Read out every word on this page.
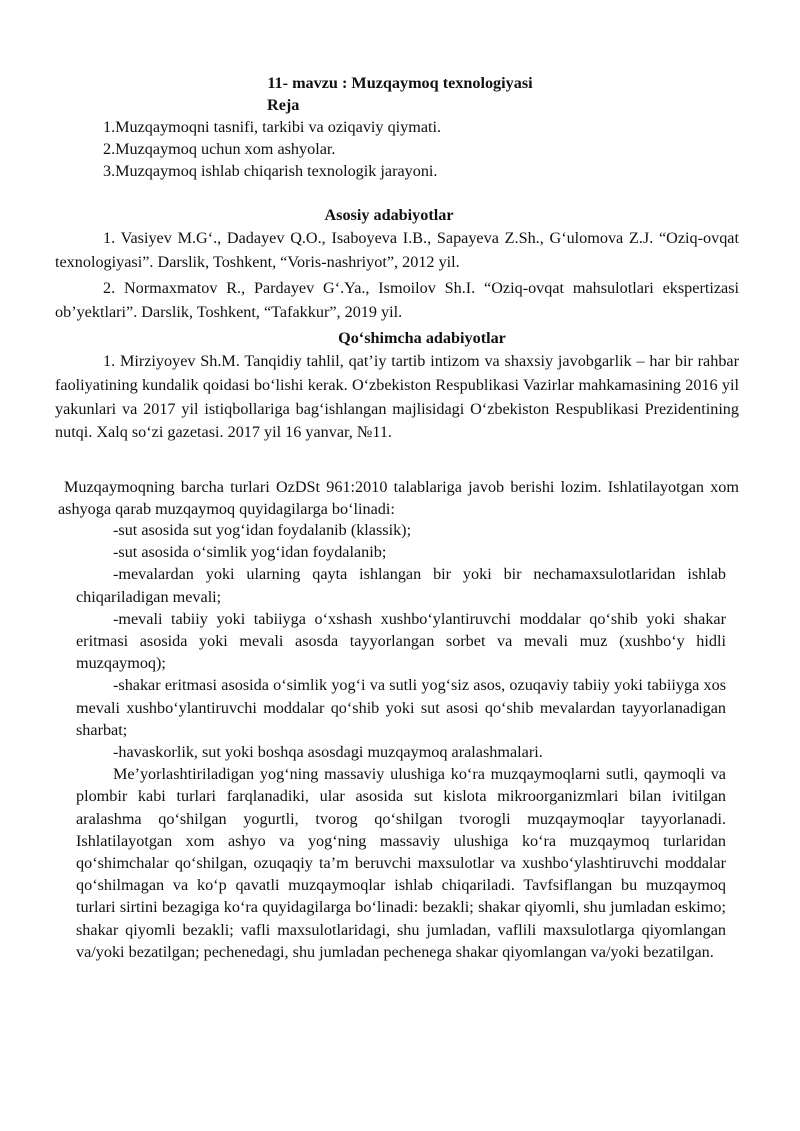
11- mavzu : Muzqaymoq texnologiyasi
Reja

1.Muzqaymoqni tasnifi, tarkibi va oziqaviy qiymati.

2.Muzqaymoq uchun xom ashyolar.

3.Muzqaymoq ishlab chiqarish texnologik jarayoni.

Asosiy adabiyotlar
1. Vasiyev M.G‘., Dadayev Q.O., Isaboyeva I.B., Sapayeva Z.Sh., G‘ulomova Z.J. “Oziq-ovqat texnologiyasi”. Darslik, Toshkent, “Voris-nashriyot”, 2012 yil.
2. Normaxmatov R., Pardayev G‘.Ya., Ismoilov Sh.I. “Oziq-ovqat mahsulotlari ekspertizasi ob’yektlari”. Darslik, Toshkent, “Tafakkur”, 2019 yil.
Qo‘shimcha adabiyotlar
1. Mirziyoyev Sh.M. Tanqidiy tahlil, qat’iy tartib intizom va shaxsiy javobgarlik – har bir rahbar faoliyatining kundalik qoidasi bo‘lishi kerak. O‘zbekiston Respublikasi Vazirlar mahkamasining 2016 yil yakunlari va 2017 yil istiqbollariga bag‘ishlangan majlisidagi O‘zbekiston Respublikasi Prezidentining nutqi. Xalq so‘zi gazetasi. 2017 yil 16 yanvar, №11.
Muzqaymoqning barcha turlari OzDSt 961:2010 talablariga javob berishi lozim. Ishlatilayotgan xom ashyoga qarab muzqaymoq quyidagilarga bo‘linadi:

-sut asosida sut yog‘idan foydalanib (klassik);

-sut asosida o‘simlik yog‘idan foydalanib;

-mevalardan yoki ularning qayta ishlangan bir yoki bir nechamaxsulotlaridan ishlab chiqariladigan mevali;

-mevali tabiiy yoki tabiiyga o‘xshash xushbo‘ylantiruvchi moddalar qo‘shib yoki shakar eritmasi asosida yoki mevali asosda tayyorlangan sorbet va mevali muz (xushbo‘y hidli muzqaymoq);

-shakar eritmasi asosida o‘simlik yog‘i va sutli yog‘siz asos, ozuqaviy tabiiy yoki tabiiyga xos mevali xushbo‘ylantiruvchi moddalar qo‘shib yoki sut asosi qo‘shib mevalardan tayyorlanadigan sharbat;

-havaskorlik, sut yoki boshqa asosdagi muzqaymoq aralashmalari.

Me’yorlashtiriladigan yog‘ning massaviy ulushiga ko‘ra muzqaymoqlarni sutli, qaymoqli va plombir kabi turlari farqlanadiki, ular asosida sut kislota mikroorganizmlari bilan ivitilgan aralashma qo‘shilgan yogurtli, tvorog qo‘shilgan tvorogli muzqaymoqlar tayyorlanadi. Ishlatilayotgan xom ashyo va yog‘ning massaviy ulushiga ko‘ra muzqaymoq turlaridan qo‘shimchalar qo‘shilgan, ozuqaqiy ta’m beruvchi maxsulotlar va xushbo‘ylashtiruvchi moddalar qo‘shilmagan va ko‘p qavatli muzqaymoqlar ishlab chiqariladi. Tavfsiflangan bu muzqaymoq turlari sirtini bezagiga ko‘ra quyidagilarga bo‘linadi: bezakli; shakar qiyomli, shu jumladan eskimo; shakar qiyomli bezakli; vafli maxsulotlaridagi, shu jumladan, vaflili maxsulotlarga qiyomlangan va/yoki bezatilgan; pechenedagi, shu jumladan pechenega shakar qiyomlangan va/yoki bezatilgan.
